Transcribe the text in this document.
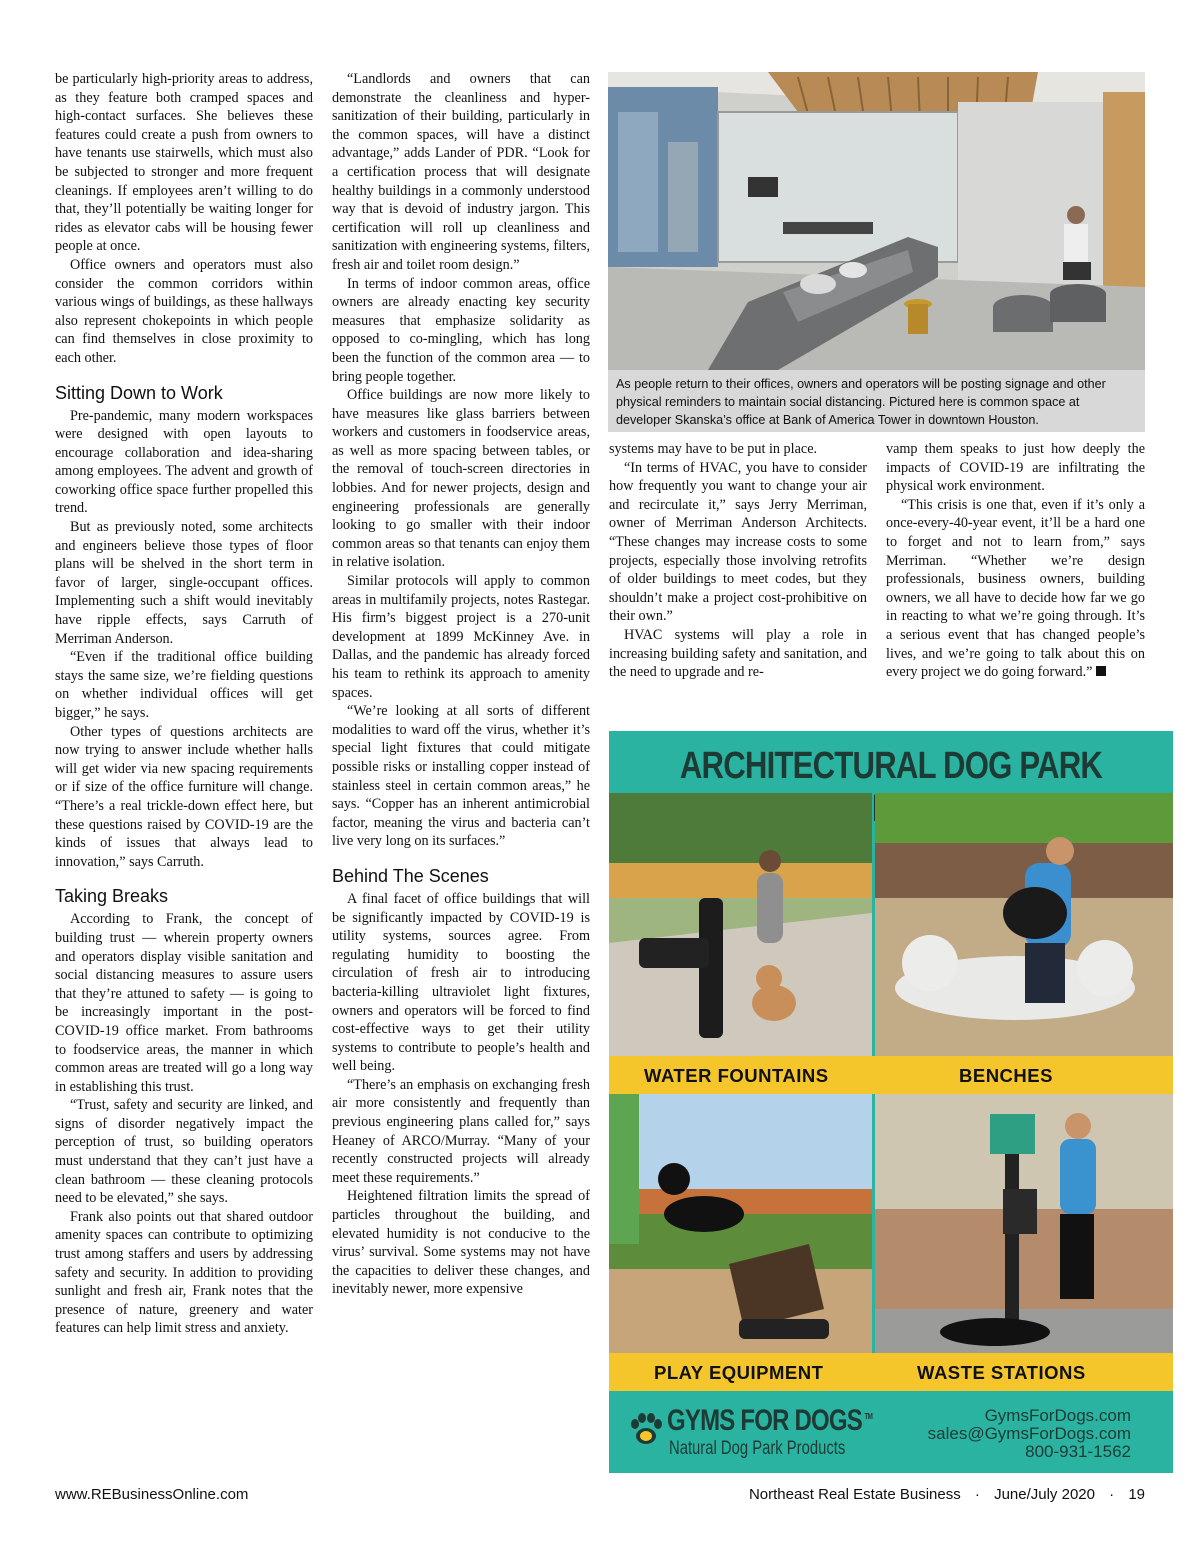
be particularly high-priority areas to address, as they feature both cramped spaces and high-contact surfaces. She believes these features could create a push from owners to have tenants use stairwells, which must also be subjected to stronger and more frequent cleanings. If employees aren’t willing to do that, they’ll potentially be waiting longer for rides as elevator cabs will be housing fewer people at once.

Office owners and operators must also consider the common corridors within various wings of buildings, as these hallways also represent chokepoints in which people can find themselves in close proximity to each other.

Sitting Down to Work

Pre-pandemic, many modern workspaces were designed with open layouts to encourage collaboration and idea-sharing among employees. The advent and growth of coworking office space further propelled this trend.

But as previously noted, some architects and engineers believe those types of floor plans will be shelved in the short term in favor of larger, single-occupant offices. Implementing such a shift would inevitably have ripple effects, says Carruth of Merriman Anderson.

“Even if the traditional office building stays the same size, we’re fielding questions on whether individual offices will get bigger,” he says.

Other types of questions architects are now trying to answer include whether halls will get wider via new spacing requirements or if size of the office furniture will change. “There’s a real trickle-down effect here, but these questions raised by COVID-19 are the kinds of issues that always lead to innovation,” says Carruth.

Taking Breaks

According to Frank, the concept of building trust — wherein property owners and operators display visible sanitation and social distancing measures to assure users that they’re attuned to safety — is going to be increasingly important in the post-COVID-19 office market. From bathrooms to foodservice areas, the manner in which common areas are treated will go a long way in establishing this trust.

“Trust, safety and security are linked, and signs of disorder negatively impact the perception of trust, so building operators must understand that they can’t just have a clean bathroom — these cleaning protocols need to be elevated,” she says.

Frank also points out that shared outdoor amenity spaces can contribute to optimizing trust among staffers and users by addressing safety and security. In addition to providing sunlight and fresh air, Frank notes that the presence of nature, greenery and water features can help limit stress and anxiety.

“Landlords and owners that can demonstrate the cleanliness and hyper-sanitization of their building, particularly in the common spaces, will have a distinct advantage,” adds Lander of PDR. “Look for a certification process that will designate healthy buildings in a commonly understood way that is devoid of industry jargon. This certification will roll up cleanliness and sanitization with engineering systems, filters, fresh air and toilet room design.”

In terms of indoor common areas, office owners are already enacting key security measures that emphasize solidarity as opposed to co-mingling, which has long been the function of the common area — to bring people together.

Office buildings are now more likely to have measures like glass barriers between workers and customers in foodservice areas, as well as more spacing between tables, or the removal of touch-screen directories in lobbies. And for newer projects, design and engineering professionals are generally looking to go smaller with their indoor common areas so that tenants can enjoy them in relative isolation.

Similar protocols will apply to common areas in multifamily projects, notes Rastegar. His firm’s biggest project is a 270-unit development at 1899 McKinney Ave. in Dallas, and the pandemic has already forced his team to rethink its approach to amenity spaces.

“We’re looking at all sorts of different modalities to ward off the virus, whether it’s special light fixtures that could mitigate possible risks or installing copper instead of stainless steel in certain common areas,” he says. “Copper has an inherent antimicrobial factor, meaning the virus and bacteria can’t live very long on its surfaces.”

Behind The Scenes

A final facet of office buildings that will be significantly impacted by COVID-19 is utility systems, sources agree. From regulating humidity to boosting the circulation of fresh air to introducing bacteria-killing ultraviolet light fixtures, owners and operators will be forced to find cost-effective ways to get their utility systems to contribute to people’s health and well being.

“There’s an emphasis on exchanging fresh air more consistently and frequently than previous engineering plans called for,” says Heaney of ARCO/Murray. “Many of your recently constructed projects will already meet these requirements.”

Heightened filtration limits the spread of particles throughout the building, and elevated humidity is not conducive to the virus’ survival. Some systems may not have the capacities to deliver these changes, and inevitably newer, more expensive

As people return to their offices, owners and operators will be posting signage and other physical reminders to maintain social distancing. Pictured here is common space at developer Skanska’s office at Bank of America Tower in downtown Houston.

systems may have to be put in place.

“In terms of HVAC, you have to consider how frequently you want to change your air and recirculate it,” says Jerry Merriman, owner of Merriman Anderson Architects. “These changes may increase costs to some projects, especially those involving retrofits of older buildings to meet codes, but they shouldn’t make a project cost-prohibitive on their own.”

HVAC systems will play a role in increasing building safety and sanitation, and the need to upgrade and re-

vamp them speaks to just how deeply the impacts of COVID-19 are infiltrating the physical work environment.

“This crisis is one that, even if it’s only a once-every-40-year event, it’ll be a hard one to forget and not to learn from,” says Merriman. “Whether we’re design professionals, business owners, building owners, we all have to decide how far we go in reacting to what we’re going through. It’s a serious event that has changed people’s lives, and we’re going to talk about this on every project we do going forward.”

ARCHITECTURAL DOG PARK
WATER FOUNTAINS	BENCHES
PLAY EQUIPMENT	WASTE STATIONS
GYMS FOR DOGS ™
Natural Dog Park Products
GymsForDogs.com
sales@GymsForDogs.com
800-931-1562
www.REBusinessOnline.com	Northeast Real Estate Business · June/July 2020 · 19
